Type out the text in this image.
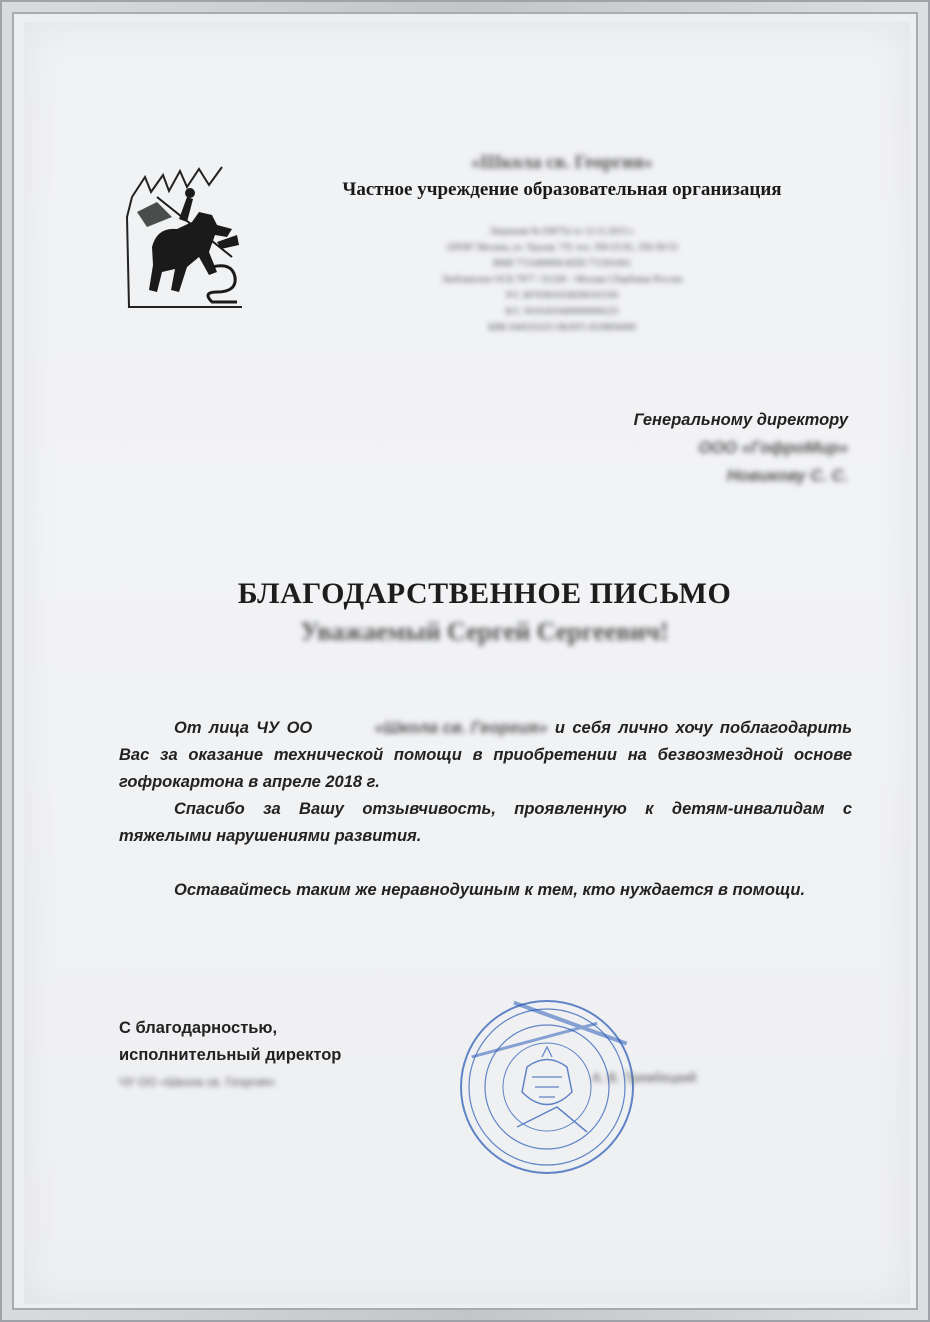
«Школа св. Георгия»
Частное учреждение образовательная организация
Лицензия № 036752 от 12.11.2015 г.
109387 Москва, ул. Удалая, 7/9, тел. 350-53-81, 356-58-53
ИНН 7723490994 КПП 772301001
Люблинское ОСБ 7977 / 01228 – Москва Сбербанка России
Р/С 40703810338290101530
К/С 30101810400000000225
БИК 044525225 ОКАТО 4539856000
Генеральному директору
ООО «ГофроМир»
Новикову С. С.
БЛАГОДАРСТВЕННОЕ ПИСЬМО
Уважаемый Сергей Сергеевич!

От лица ЧУ ОО	«Школа св. Георгия» и себя лично хочу поблагодарить Вас за оказание технической помощи в приобретении на безвозмездной основе гофрокартона в апреле 2018 г.

Спасибо за Вашу отзывчивость, проявленную к детям-инвалидам с тяжелыми нарушениями развития.

Оставайтесь таким же неравнодушным к тем, кто нуждается в помощи.

С благодарностью,
исполнительный директор
ЧУ ОО «Школа св. Георгия»	А. В. Трембецкий
